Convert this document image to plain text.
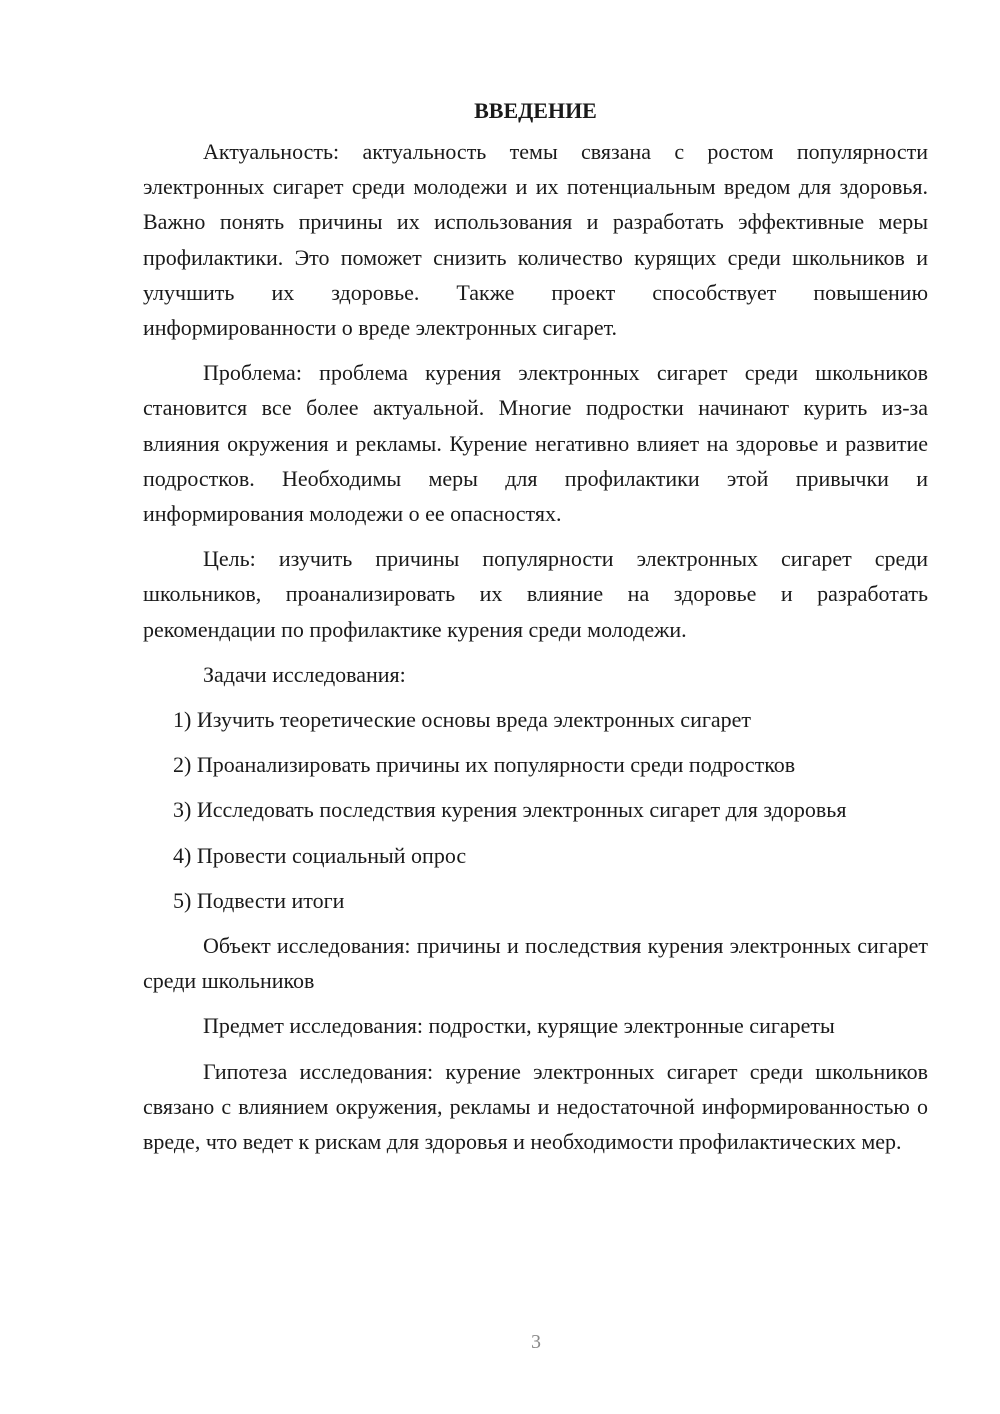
ВВЕДЕНИЕ

Актуальность: актуальность темы связана с ростом популярности электронных сигарет среди молодежи и их потенциальным вредом для здоровья. Важно понять причины их использования и разработать эффективные меры профилактики. Это поможет снизить количество курящих среди школьников и улучшить их здоровье. Также проект способствует повышению информированности о вреде электронных сигарет.

Проблема: проблема курения электронных сигарет среди школьников становится все более актуальной. Многие подростки начинают курить из-за влияния окружения и рекламы. Курение негативно влияет на здоровье и развитие подростков. Необходимы меры для профилактики этой привычки и информирования молодежи о ее опасностях.

Цель: изучить причины популярности электронных сигарет среди школьников, проанализировать их влияние на здоровье и разработать рекомендации по профилактике курения среди молодежи.

Задачи исследования:

1) Изучить теоретические основы вреда электронных сигарет

2) Проанализировать причины их популярности среди подростков

3) Исследовать последствия курения электронных сигарет для здоровья

4) Провести социальный опрос

5) Подвести итоги

Объект исследования: причины и последствия курения электронных сигарет среди школьников

Предмет исследования: подростки, курящие электронные сигареты

Гипотеза исследования: курение электронных сигарет среди школьников связано с влиянием окружения, рекламы и недостаточной информированностью о вреде, что ведет к рискам для здоровья и необходимости профилактических мер.

3
